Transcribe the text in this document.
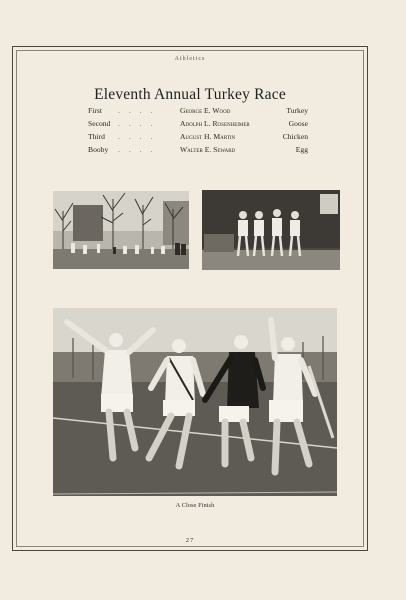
Athletics
Eleventh Annual Turkey Race
First .... George E. Wood	Turkey
Second .... Adolph L. Rosenheimer	Goose
Third .... August H. Martin	Chicken
Booby .... Walter E. Seward	Egg
A Close Finish
27
